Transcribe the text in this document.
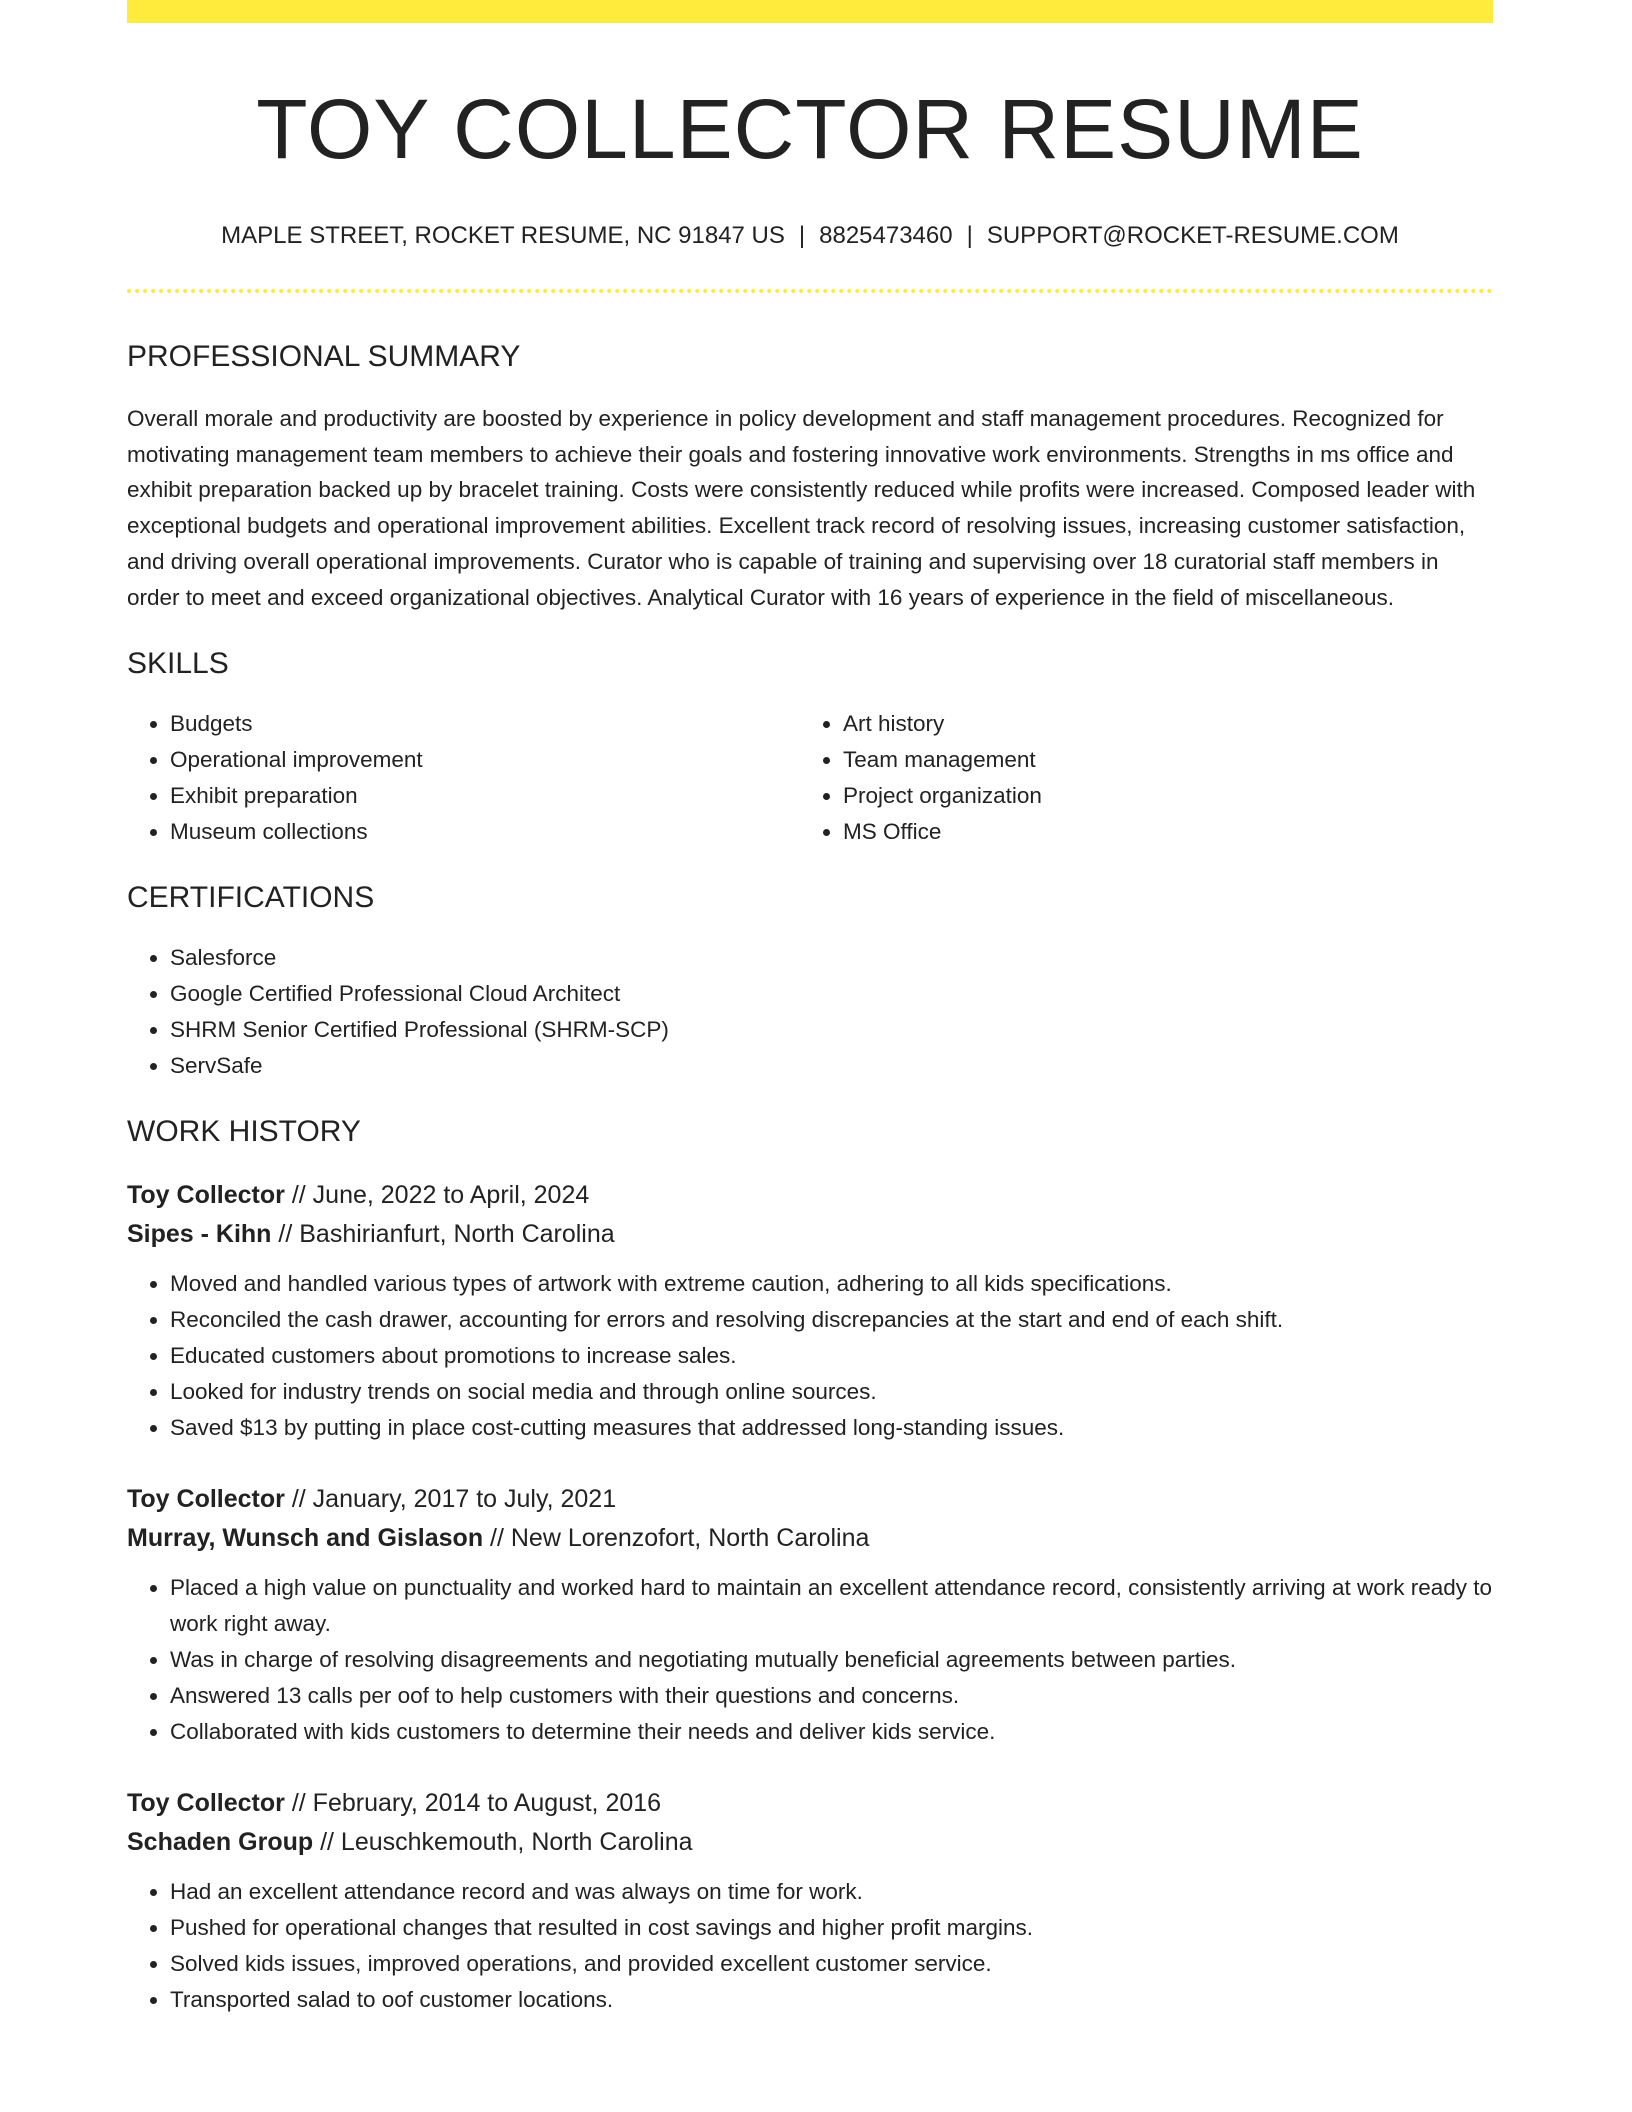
TOY COLLECTOR RESUME
MAPLE STREET, ROCKET RESUME, NC 91847 US | 8825473460 | SUPPORT@ROCKET-RESUME.COM
PROFESSIONAL SUMMARY

Overall morale and productivity are boosted by experience in policy development and staff management procedures. Recognized for motivating management team members to achieve their goals and fostering innovative work environments. Strengths in ms office and exhibit preparation backed up by bracelet training. Costs were consistently reduced while profits were increased. Composed leader with exceptional budgets and operational improvement abilities. Excellent track record of resolving issues, increasing customer satisfaction, and driving overall operational improvements. Curator who is capable of training and supervising over 18 curatorial staff members in order to meet and exceed organizational objectives. Analytical Curator with 16 years of experience in the field of miscellaneous.

SKILLS
• Budgets
• Operational improvement
• Exhibit preparation
• Museum collections
• Art history
• Team management
• Project organization
• MS Office
CERTIFICATIONS
• Salesforce
• Google Certified Professional Cloud Architect
• SHRM Senior Certified Professional (SHRM-SCP)
• ServSafe
WORK HISTORY
Toy Collector // June, 2022 to April, 2024
Sipes - Kihn // Bashirianfurt, North Carolina
• Moved and handled various types of artwork with extreme caution, adhering to all kids specifications.
• Reconciled the cash drawer, accounting for errors and resolving discrepancies at the start and end of each shift.
• Educated customers about promotions to increase sales.
• Looked for industry trends on social media and through online sources.
• Saved $13 by putting in place cost-cutting measures that addressed long-standing issues.
Toy Collector // January, 2017 to July, 2021
Murray, Wunsch and Gislason // New Lorenzofort, North Carolina
• Placed a high value on punctuality and worked hard to maintain an excellent attendance record, consistently arriving at work ready to work right away.
• Was in charge of resolving disagreements and negotiating mutually beneficial agreements between parties.
• Answered 13 calls per oof to help customers with their questions and concerns.
• Collaborated with kids customers to determine their needs and deliver kids service.
Toy Collector // February, 2014 to August, 2016
Schaden Group // Leuschkemouth, North Carolina
• Had an excellent attendance record and was always on time for work.
• Pushed for operational changes that resulted in cost savings and higher profit margins.
• Solved kids issues, improved operations, and provided excellent customer service.
• Transported salad to oof customer locations.
